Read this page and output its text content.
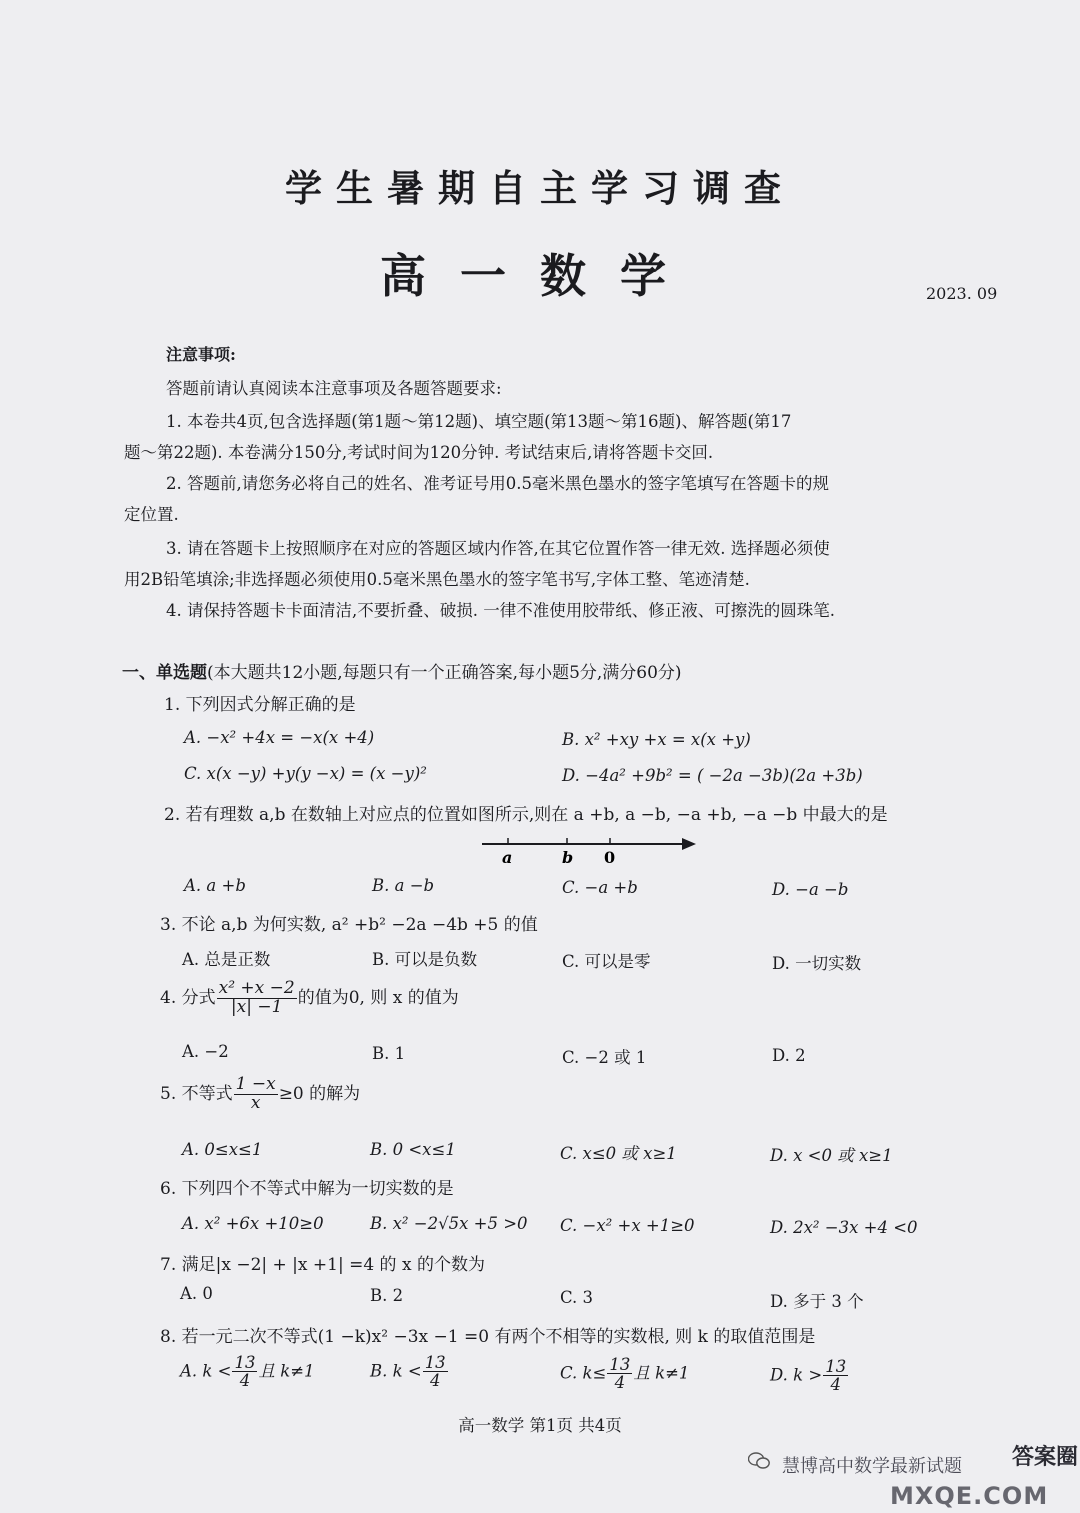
学生暑期自主学习调查
高一数学	2023. 09
注意事项:
答题前请认真阅读本注意事项及各题答题要求:
1. 本卷共4页,包含选择题(第1题～第12题)、填空题(第13题～第16题)、解答题(第17
题～第22题). 本卷满分150分,考试时间为120分钟. 考试结束后,请将答题卡交回.
2. 答题前,请您务必将自己的姓名、准考证号用0.5毫米黑色墨水的签字笔填写在答题卡的规
定位置.
3. 请在答题卡上按照顺序在对应的答题区域内作答,在其它位置作答一律无效. 选择题必须使
用2B铅笔填涂;非选择题必须使用0.5毫米黑色墨水的签字笔书写,字体工整、笔迹清楚.
4. 请保持答题卡卡面清洁,不要折叠、破损. 一律不准使用胶带纸、修正液、可擦洗的圆珠笔.
一、单选题(本大题共12小题,每题只有一个正确答案,每小题5分,满分60分)
1. 下列因式分解正确的是
A. −x² +4x = −x(x +4)	B. x² +xy +x = x(x +y)
C. x(x −y) +y(y −x) = (x −y)²	D. −4a² +9b² = ( −2a −3b)(2a +3b)
2. 若有理数 a,b 在数轴上对应点的位置如图所示,则在 a +b, a −b, −a +b, −a −b 中最大的是
a	b 0
A. a +b	B. a −b	C. −a +b	D. −a −b
3. 不论 a,b 为何实数, a² +b² −2a −4b +5 的值
A. 总是正数	B. 可以是负数	C. 可以是零	D. 一切实数
4. 分式 $\frac{\text{x² +x −2}}{|x| -1}$ 的值为0, 则 x 的值为
A. −2	B. 1	C. −2 或 1	D. 2
5. 不等式 $\frac{1 -x}{x} \ge 0$ 的解为
A. 0≤x≤1	B. 0 <x≤1	C. x≤0 或 x≥1	D. x <0 或 x≥1
6. 下列四个不等式中解为一切实数的是
A. x² +6x +10≥0	B. x² −2√5x +5 >0 C. −x² +x +1≥0	D. 2x² −3x +4 <0
7. 满足|x −2| + |x +1| =4 的 x 的个数为
A. 0	B. 2	C. 3	D. 多于 3 个
8. 若一元二次不等式(1 −k)x² −3x −1 =0 有两个不相等的实数根, 则 k 的取值范围是
A. $k < \frac{13}{4}$ 且 k≠1	B. $k < \frac{13}{4}$	C. $k\le \frac{13}{4}$ 且 k≠1	D. $k > \frac{13}{4}$
高一数学 第1页 共4页
慧博高中数学最新试题 答案圈
MXQE.COM
